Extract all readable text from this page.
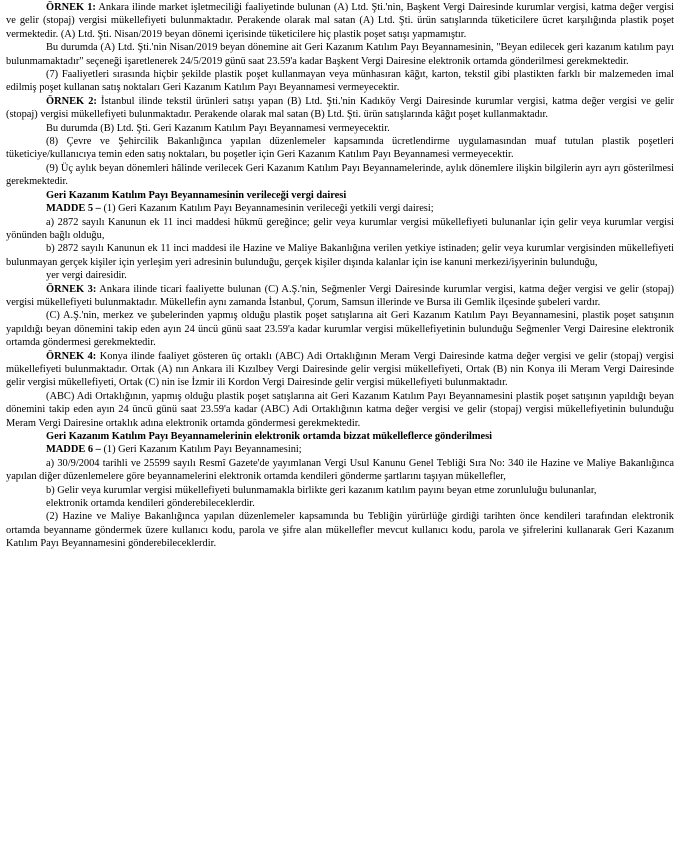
ÖRNEK 1: Ankara ilinde market işletmeciliği faaliyetinde bulunan (A) Ltd. Şti.'nin, Başkent Vergi Dairesinde kurumlar vergisi, katma değer vergisi ve gelir (stopaj) vergisi mükellefiyeti bulunmaktadır. Perakende olarak mal satan (A) Ltd. Şti. ürün satışlarında tüketicilere ücret karşılığında plastik poşet vermektedir. (A) Ltd. Şti. Nisan/2019 beyan dönemi içerisinde tüketicilere hiç plastik poşet satışı yapmamıştır.

Bu durumda (A) Ltd. Şti.'nin Nisan/2019 beyan dönemine ait Geri Kazanım Katılım Payı Beyannamesinin, "Beyan edilecek geri kazanım katılım payı bulunmamaktadır" seçeneği işaretlenerek 24/5/2019 günü saat 23.59'a kadar Başkent Vergi Dairesine elektronik ortamda gönderilmesi gerekmektedir.

(7) Faaliyetleri sırasında hiçbir şekilde plastik poşet kullanmayan veya münhasıran kâğıt, karton, tekstil gibi plastikten farklı bir malzemeden imal edilmiş poşet kullanan satış noktaları Geri Kazanım Katılım Payı Beyannamesi vermeyecektir.

ÖRNEK 2: İstanbul ilinde tekstil ürünleri satışı yapan (B) Ltd. Şti.'nin Kadıköy Vergi Dairesinde kurumlar vergisi, katma değer vergisi ve gelir (stopaj) vergisi mükellefiyeti bulunmaktadır. Perakende olarak mal satan (B) Ltd. Şti. ürün satışlarında kâğıt poşet kullanmaktadır.

Bu durumda (B) Ltd. Şti. Geri Kazanım Katılım Payı Beyannamesi vermeyecektir.

(8) Çevre ve Şehircilik Bakanlığınca yapılan düzenlemeler kapsamında ücretlendirme uygulamasından muaf tutulan plastik poşetleri tüketiciye/kullanıcıya temin eden satış noktaları, bu poşetler için Geri Kazanım Katılım Payı Beyannamesi vermeyecektir.

(9) Üç aylık beyan dönemleri hâlinde verilecek Geri Kazanım Katılım Payı Beyannamelerinde, aylık dönemlere ilişkin bilgilerin ayrı ayrı gösterilmesi gerekmektedir.

Geri Kazanım Katılım Payı Beyannamesinin verileceği vergi dairesi

MADDE 5 – (1) Geri Kazanım Katılım Payı Beyannamesinin verileceği yetkili vergi dairesi;

a) 2872 sayılı Kanunun ek 11 inci maddesi hükmü gereğince; gelir veya kurumlar vergisi mükellefiyeti bulunanlar için gelir veya kurumlar vergisi yönünden bağlı olduğu,

b) 2872 sayılı Kanunun ek 11 inci maddesi ile Hazine ve Maliye Bakanlığına verilen yetkiye istinaden; gelir veya kurumlar vergisinden mükellefiyeti bulunmayan gerçek kişiler için yerleşim yeri adresinin bulunduğu, gerçek kişiler dışında kalanlar için ise kanuni merkezi/işyerinin bulunduğu,

yer vergi dairesidir.

ÖRNEK 3: Ankara ilinde ticari faaliyette bulunan (C) A.Ş.'nin, Seğmenler Vergi Dairesinde kurumlar vergisi, katma değer vergisi ve gelir (stopaj) vergisi mükellefiyeti bulunmaktadır. Mükellefin aynı zamanda İstanbul, Çorum, Samsun illerinde ve Bursa ili Gemlik ilçesinde şubeleri vardır.

(C) A.Ş.'nin, merkez ve şubelerinden yapmış olduğu plastik poşet satışlarına ait Geri Kazanım Katılım Payı Beyannamesini, plastik poşet satışının yapıldığı beyan dönemini takip eden ayın 24 üncü günü saat 23.59'a kadar kurumlar vergisi mükellefiyetinin bulunduğu Seğmenler Vergi Dairesine elektronik ortamda göndermesi gerekmektedir.

ÖRNEK 4: Konya ilinde faaliyet gösteren üç ortaklı (ABC) Adi Ortaklığının Meram Vergi Dairesinde katma değer vergisi ve gelir (stopaj) vergisi mükellefiyeti bulunmaktadır. Ortak (A) nın Ankara ili Kızılbey Vergi Dairesinde gelir vergisi mükellefiyeti, Ortak (B) nin Konya ili Meram Vergi Dairesinde gelir vergisi mükellefiyeti, Ortak (C) nin ise İzmir ili Kordon Vergi Dairesinde gelir vergisi mükellefiyeti bulunmaktadır.

(ABC) Adi Ortaklığının, yapmış olduğu plastik poşet satışlarına ait Geri Kazanım Katılım Payı Beyannamesini plastik poşet satışının yapıldığı beyan dönemini takip eden ayın 24 üncü günü saat 23.59'a kadar (ABC) Adi Ortaklığının katma değer vergisi ve gelir (stopaj) vergisi mükellefiyetinin bulunduğu Meram Vergi Dairesine ortaklık adına elektronik ortamda göndermesi gerekmektedir.

Geri Kazanım Katılım Payı Beyannamelerinin elektronik ortamda bizzat mükelleflerce gönderilmesi

MADDE 6 – (1) Geri Kazanım Katılım Payı Beyannamesini;

a) 30/9/2004 tarihli ve 25599 sayılı Resmî Gazete'de yayımlanan Vergi Usul Kanunu Genel Tebliği Sıra No: 340 ile Hazine ve Maliye Bakanlığınca yapılan diğer düzenlemelere göre beyannamelerini elektronik ortamda kendileri gönderme şartlarını taşıyan mükellefler,

b) Gelir veya kurumlar vergisi mükellefiyeti bulunmamakla birlikte geri kazanım katılım payını beyan etme zorunluluğu bulunanlar,

elektronik ortamda kendileri gönderebileceklerdir.

(2) Hazine ve Maliye Bakanlığınca yapılan düzenlemeler kapsamında bu Tebliğin yürürlüğe girdiği tarihten önce kendileri tarafından elektronik ortamda beyanname göndermek üzere kullanıcı kodu, parola ve şifre alan mükellefler mevcut kullanıcı kodu, parola ve şifrelerini kullanarak Geri Kazanım Katılım Payı Beyannamesini gönderebileceklerdir.
